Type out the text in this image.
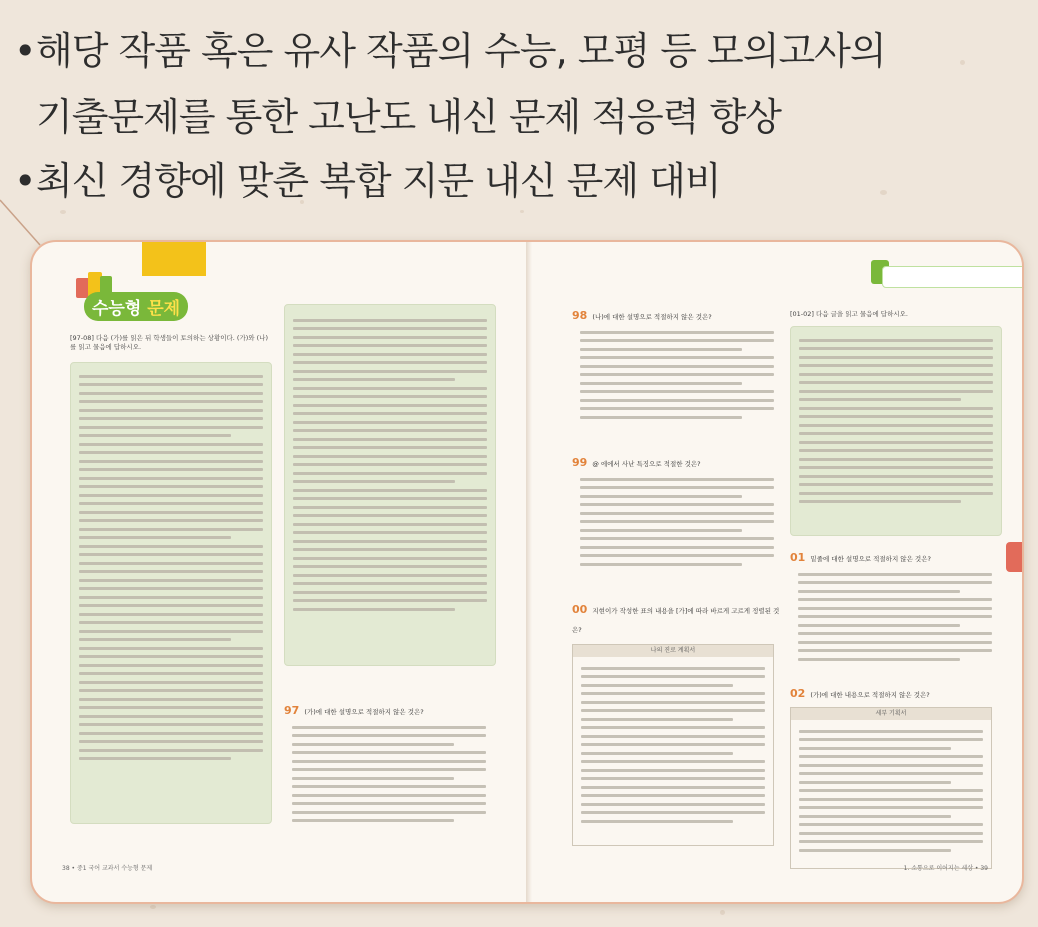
•해당 작품 혹은 유사 작품의 수능, 모평 등 모의고사의
기출문제를 통한 고난도 내신 문제 적응력 향상
•최신 경향에 맞춘 복합 지문 내신 문제 대비
수능형 문제
[97-08] 다음 (가)를 읽은 뒤 학생들이 토의하는 상황이다. (가)와 (나)를 읽고 물음에 답하시오.
97 (가)에 대한 설명으로 적절하지 않은 것은?
38 • 중1 국어 교과서 수능형 문제
98 (나)에 대한 설명으로 적절하지 않은 것은?
99 @ 에에서 사난 특징으로 적절한 것은?
00 지현이가 작성한 표의 내용을 [가]에 따라 바르게 고르게 정렬된 것은?
나의 진로 계획서
[01-02] 다음 글을 읽고 물음에 답하시오.
01 밑줄에 대한 설명으로 적절하지 않은 것은?
02 (가)에 대한 내용으로 적절하지 않은 것은?
세부 기획서
1. 소통으로 이어지는 세상 • 39
